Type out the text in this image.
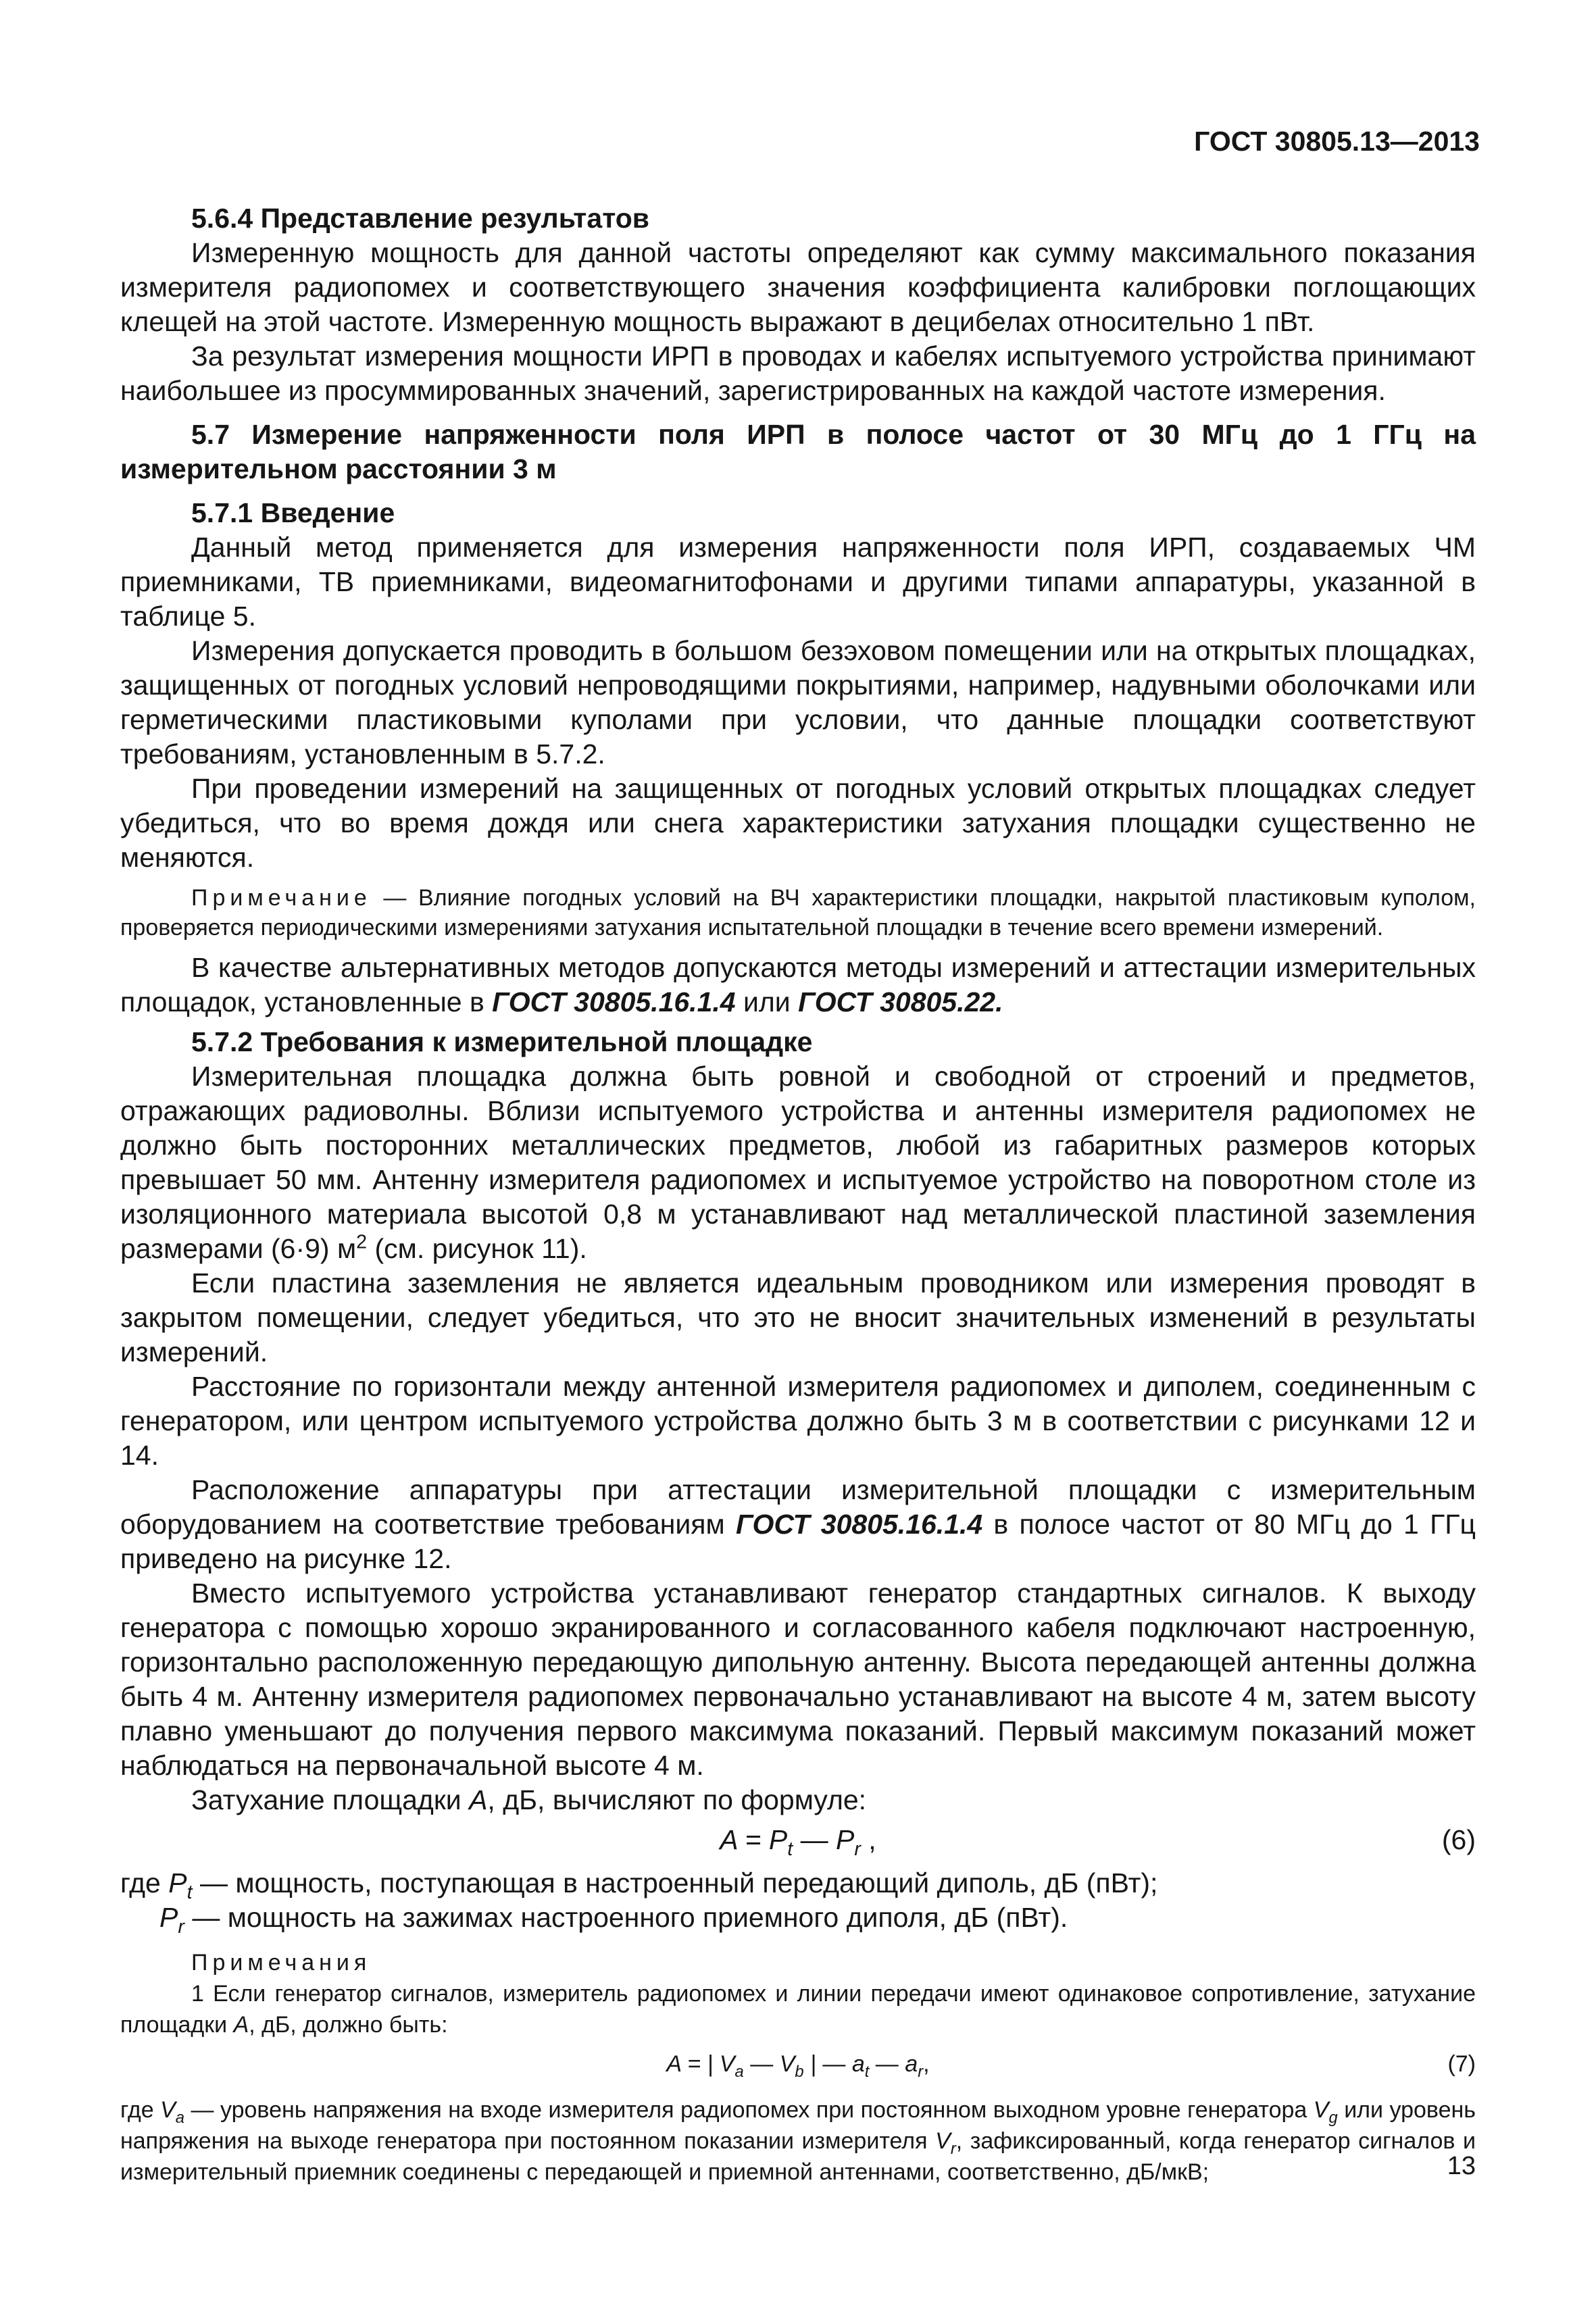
ГОСТ 30805.13—2013

5.6.4 Представление результатов

Измеренную мощность для данной частоты определяют как сумму максимального показания измерителя радиопомех и соответствующего значения коэффициента калибровки поглощающих клещей на этой частоте. Измеренную мощность выражают в децибелах относительно 1 пВт.

За результат измерения мощности ИРП в проводах и кабелях испытуемого устройства принимают наибольшее из просуммированных значений, зарегистрированных на каждой частоте измерения.

5.7 Измерение напряженности поля ИРП в полосе частот от 30 МГц до 1 ГГц на измерительном расстоянии 3 м

5.7.1 Введение

Данный метод применяется для измерения напряженности поля ИРП, создаваемых ЧМ приемниками, ТВ приемниками, видеомагнитофонами и другими типами аппаратуры, указанной в таблице 5.

Измерения допускается проводить в большом безэховом помещении или на открытых площадках, защищенных от погодных условий непроводящими покрытиями, например, надувными оболочками или герметическими пластиковыми куполами при условии, что данные площадки соответствуют требованиям, установленным в 5.7.2.

При проведении измерений на защищенных от погодных условий открытых площадках следует убедиться, что во время дождя или снега характеристики затухания площадки существенно не меняются.

Примечание — Влияние погодных условий на ВЧ характеристики площадки, накрытой пластиковым куполом, проверяется периодическими измерениями затухания испытательной площадки в течение всего времени измерений.

В качестве альтернативных методов допускаются методы измерений и аттестации измерительных площадок, установленные в ГОСТ 30805.16.1.4 или ГОСТ 30805.22.

5.7.2 Требования к измерительной площадке

Измерительная площадка должна быть ровной и свободной от строений и предметов, отражающих радиоволны. Вблизи испытуемого устройства и антенны измерителя радиопомех не должно быть посторонних металлических предметов, любой из габаритных размеров которых превышает 50 мм. Антенну измерителя радиопомех и испытуемое устройство на поворотном столе из изоляционного материала высотой 0,8 м устанавливают над металлической пластиной заземления размерами (6·9) $м^2$ (см. рисунок 11).

Если пластина заземления не является идеальным проводником или измерения проводят в закрытом помещении, следует убедиться, что это не вносит значительных изменений в результаты измерений.

Расстояние по горизонтали между антенной измерителя радиопомех и диполем, соединенным с генератором, или центром испытуемого устройства должно быть 3 м в соответствии с рисунками 12 и 14.

Расположение аппаратуры при аттестации измерительной площадки с измерительным оборудованием на соответствие требованиям ГОСТ 30805.16.1.4 в полосе частот от 80 МГц до 1 ГГц приведено на рисунке 12.

Вместо испытуемого устройства устанавливают генератор стандартных сигналов. К выходу генератора с помощью хорошо экранированного и согласованного кабеля подключают настроенную, горизонтально расположенную передающую дипольную антенну. Высота передающей антенны должна быть 4 м. Антенну измерителя радиопомех первоначально устанавливают на высоте 4 м, затем высоту плавно уменьшают до получения первого максимума показаний. Первый максимум показаний может наблюдаться на первоначальной высоте 4 м.

Затухание площадки A, дБ, вычисляют по формуле:

$A = P_t$ — $P_r$ ,	(6)
где $P_t$ — мощность, поступающая в настроенный передающий диполь, дБ (пВт);
$P_r$ — мощность на зажимах настроенного приемного диполя, дБ (пВт).

Примечания

1 Если генератор сигналов, измеритель радиопомех и линии передачи имеют одинаковое сопротивление, затухание площадки A, дБ, должно быть:

A = | $V_a$ — $V_b$ | — $a_t$ — $a_r$,	(7)

где $V_a$ — уровень напряжения на входе измерителя радиопомех при постоянном выходном уровне генератора $V_g$ или уровень напряжения на выходе генератора при постоянном показании измерителя $V_r$, зафиксированный, когда генератор сигналов и измерительный приемник соединены с передающей и приемной антеннами, соответственно, дБ/мкВ;	13
